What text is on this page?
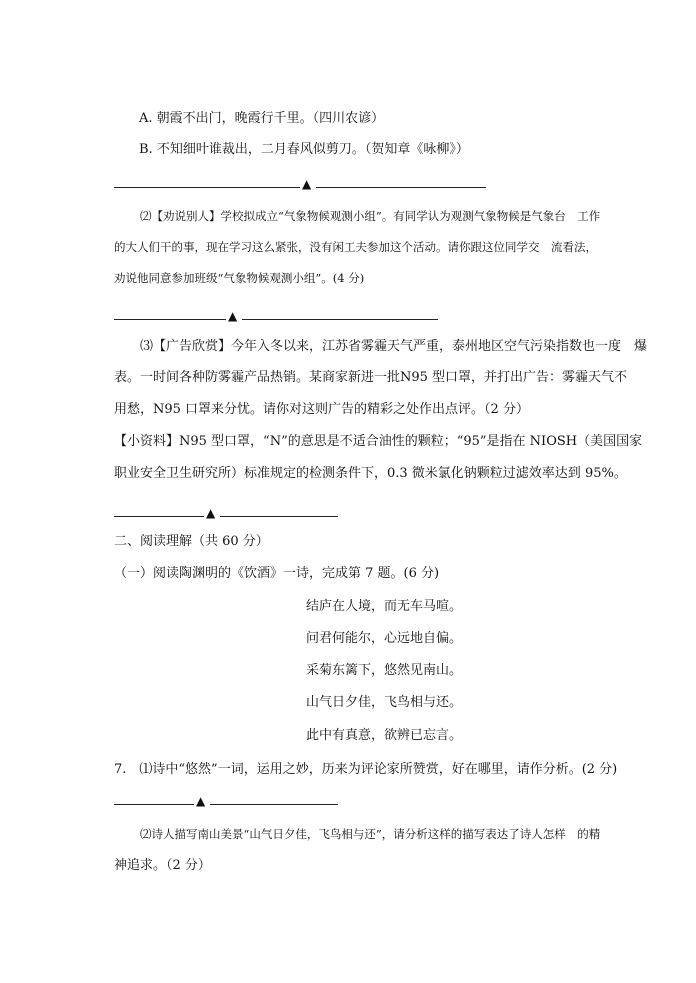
A. 朝霞不出门，晚霞行千里。（四川农谚）
B. 不知细叶谁裁出，二月春风似剪刀。（贺知章《咏柳》）
▲
⑵【劝说别人】学校拟成立“气象物候观测小组”。有同学认为观测气象物候是气象台　工作
的大人们干的事，现在学习这么紧张，没有闲工夫参加这个活动。请你跟这位同学交　流看法，
劝说他同意参加班级“气象物候观测小组”。(4 分)
▲
⑶【广告欣赏】今年入冬以来，江苏省雾霾天气严重，泰州地区空气污染指数也一度　爆
表。一时间各种防雾霾产品热销。某商家新进一批N95 型口罩，并打出广告：雾霾天气不
用愁，N95 口罩来分忧。请你对这则广告的精彩之处作出点评。（2 分）
【小资料】N95 型口罩，“N”的意思是不适合油性的颗粒；“95”是指在 NIOSH（美国国家
职业安全卫生研究所）标准规定的检测条件下，0.3 微米氯化钠颗粒过滤效率达到 95%。
▲
二、阅读理解（共 60 分）
（一）阅读陶渊明的《饮酒》一诗，完成第 7 题。(6 分)
结庐在人境，而无车马喧。
问君何能尔，心远地自偏。
采菊东篱下，悠然见南山。
山气日夕佳，飞鸟相与还。
此中有真意，欲辨已忘言。
7.　⑴诗中“悠然”一词，运用之妙，历来为评论家所赞赏，好在哪里，请作分析。(2 分)
▲
⑵诗人描写南山美景“山气日夕佳，飞鸟相与还”，请分析这样的描写表达了诗人怎样　的精
神追求。（2 分）
